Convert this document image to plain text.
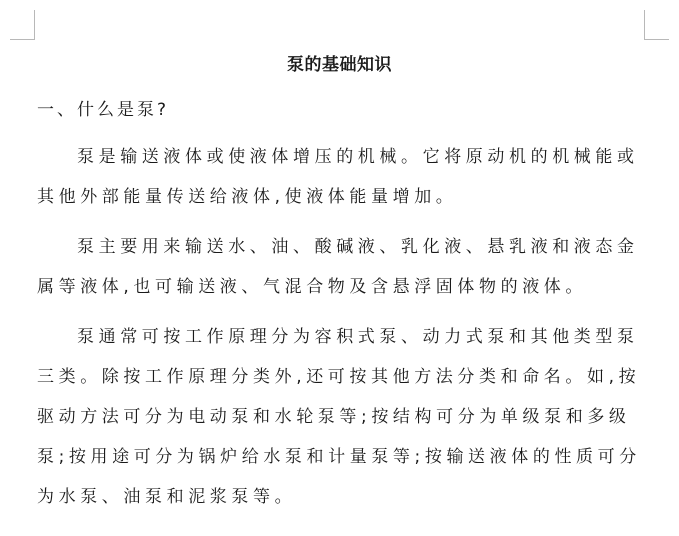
泵的基础知识
一、什么是泵?

泵是输送液体或使液体增压的机械。它将原动机的机械能或其他外部能量传送给液体,使液体能量增加。

泵主要用来输送水、油、酸碱液、乳化液、悬乳液和液态金属等液体,也可输送液、气混合物及含悬浮固体物的液体。

泵通常可按工作原理分为容积式泵、动力式泵和其他类型泵三类。除按工作原理分类外,还可按其他方法分类和命名。如,按驱动方法可分为电动泵和水轮泵等;按结构可分为单级泵和多级泵;按用途可分为锅炉给水泵和计量泵等;按输送液体的性质可分为水泵、油泵和泥浆泵等。
